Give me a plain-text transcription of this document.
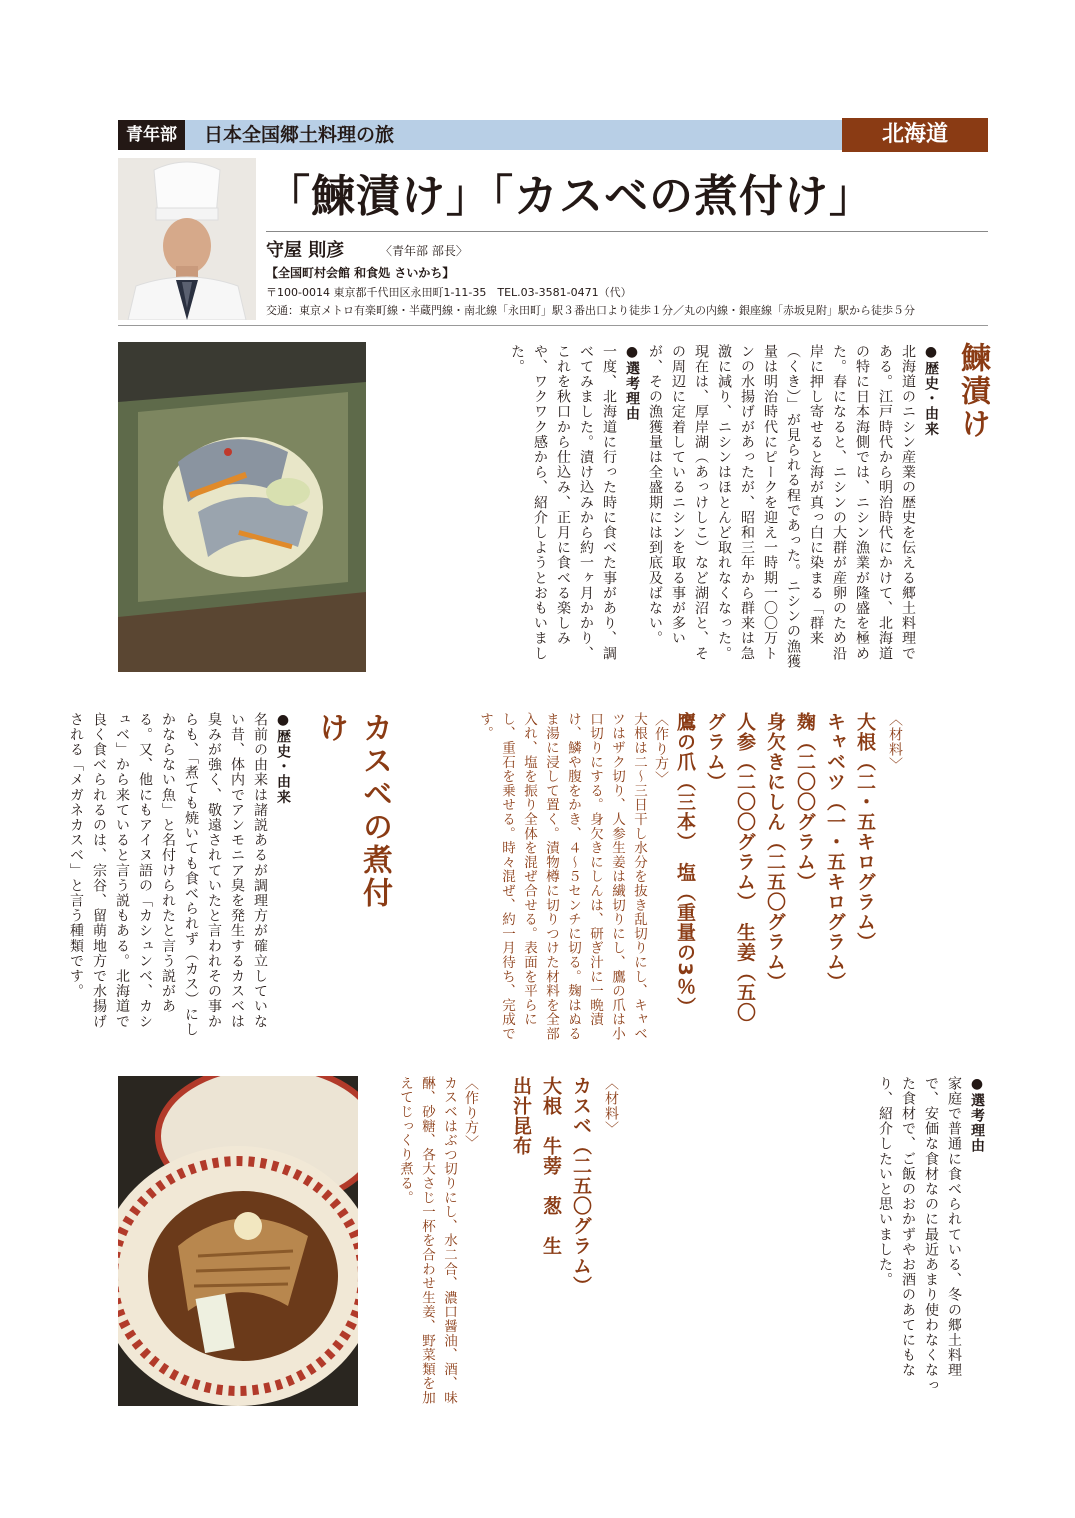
青年部	日本全国郷土料理の旅	北海道
「鰊漬け」「カスベの煮付け」
守屋 則彦	〈青年部 部長〉
【全国町村会館 和食処 さいかち】
〒100-0014 東京都千代田区永田町1-11-35　TEL.03-3581-0471（代）
交通：東京メトロ有楽町線・半蔵門線・南北線「永田町」駅３番出口より徒歩１分／丸の内線・銀座線「赤坂見附」駅から徒歩５分
鰊漬け
●歴史・由来
北海道のニシン産業の歴史を伝える郷土料理である。江戸時代から明治時代にかけて、北海道の特に日本海側では、ニシン漁業が隆盛を極めた。春になると、ニシンの大群が産卵のため沿岸に押し寄せると海が真っ白に染まる「群来（くき）」が見られる程であった。ニシンの漁獲量は明治時代にピークを迎え一時期一〇〇万トンの水揚げがあったが、昭和三年から群来は急激に減り、ニシンはほとんど取れなくなった。現在は、厚岸湖（あっけしこ）など湖沼と、その周辺に定着しているニシンを取る事が多いが、その漁獲量は全盛期には到底及ばない。
●選考理由
一度、北海道に行った時に食べた事があり、調べてみました。漬け込みから約一ヶ月かかり、これを秋口から仕込み、正月に食べる楽しみや、ワクワク感から、紹介しようとおもいました。
〈材料〉
大根（二・五キログラム）
キャベツ（一・五キログラム）
麹（二〇〇グラム）
身欠きにしん（二五〇グラム）
人参（二〇〇グラム）　生姜（五〇グラム）
鷹の爪（三本）　塩（重量の3％）
〈作り方〉
大根は二〜三日干し水分を抜き乱切りにし、キャベツはザク切り、人参生姜は繊切りにし、鷹の爪は小口切りにする。身欠きにしんは、研ぎ汁に一晩漬け、鱗や腹をかき、４〜５センチに切る。麹はぬるま湯に浸して置く。漬物樽に切りつけた材料を全部入れ、塩を振り全体を混ぜ合せる。表面を平らにし、重石を乗せる。時々混ぜ、約一月待ち、完成です。
カスベの煮付け
●歴史・由来
名前の由来は諸説あるが調理方が確立していない昔、体内でアンモニア臭を発生するカスベは臭みが強く、敬遠されていたと言われその事からも、「煮ても焼いても食べられず（カス）にしかならない魚」と名付けられたと言う説がある。又、他にもアイヌ語の「カシュンベ、カシュベ」から来ていると言う説もある。北海道で良く食べられるのは、宗谷、留萌地方で水揚げされる「メガネカスベ」と言う種類です。
●選考理由
家庭で普通に食べられている、冬の郷土料理で、安価な食材なのに最近あまり使わなくなった食材で、ご飯のおかずやお酒のあてにもなり、紹介したいと思いました。
〈材料〉
カスベ（二五〇グラム）
大根　牛蒡　葱　生
出汁昆布
〈作り方〉
カスベはぶつ切りにし、水二合、濃口醤油、酒、味醂、砂糖、各大さじ一杯を合わせ生姜、野菜類を加えてじっくり煮る。
